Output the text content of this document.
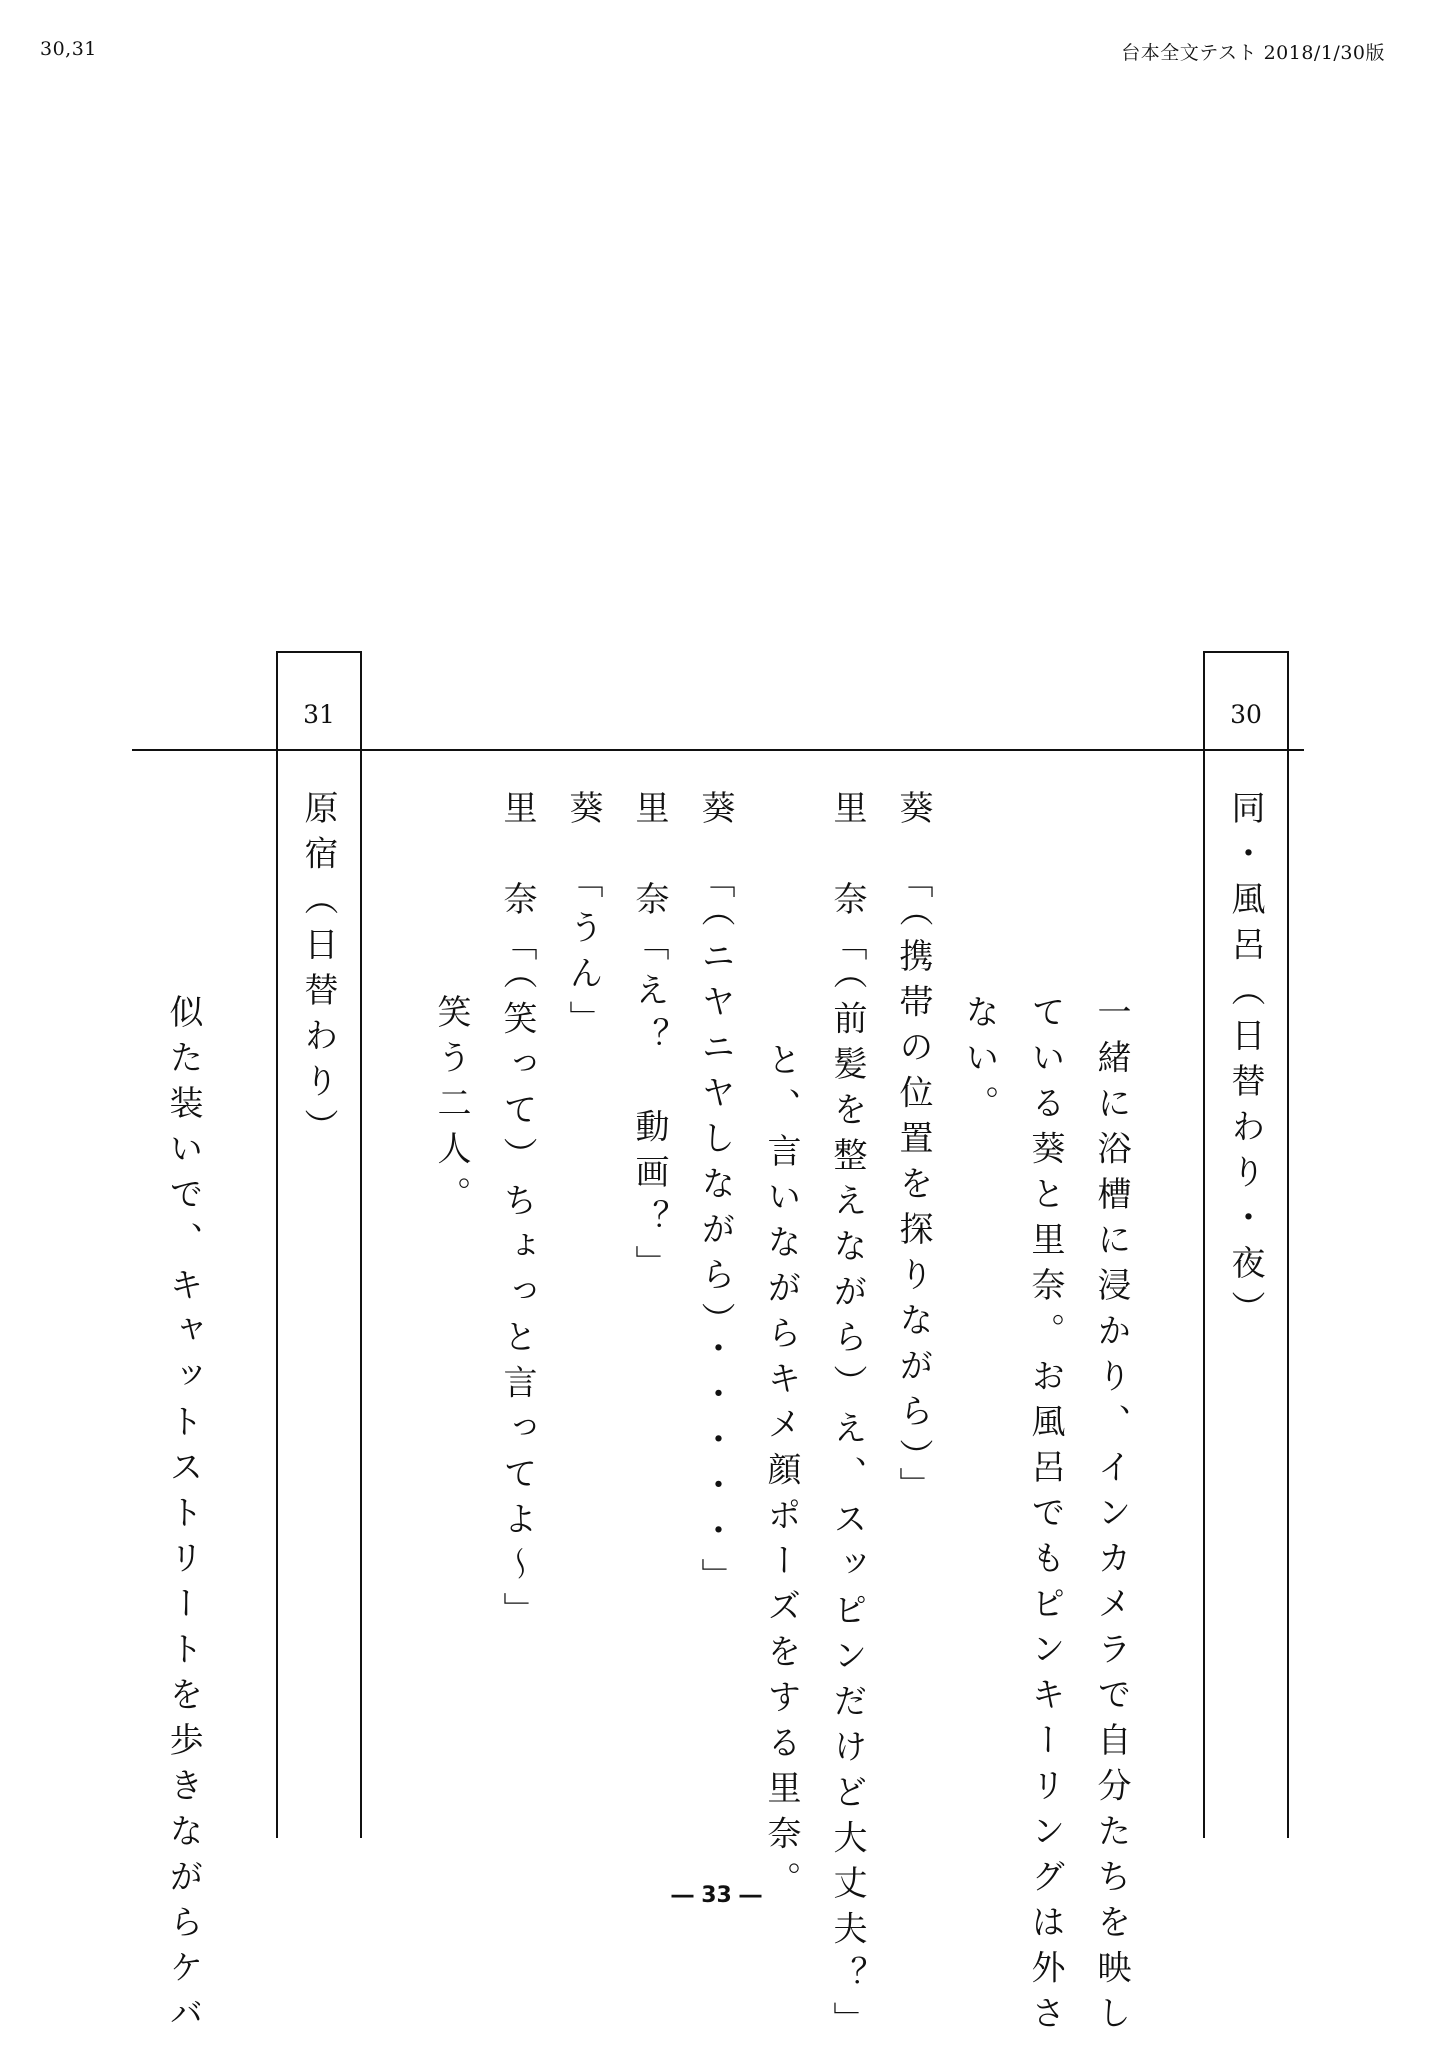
30,31	台本全文テスト 2018/1/30版
30
31
同・風呂（日替わり・夜）
一緒に浴槽に浸かり、インカメラで自分たちを映し
ている葵と里奈。お風呂でもピンキーリングは外さ
ない。
葵　「（携帯の位置を探りながら）」
里　奈「（前髪を整えながら）え、スッピンだけど大丈夫？」
と、言いながらキメ顔ポーズをする里奈。
葵　「（ニヤニヤしながら）・・・・・」
里　奈「え？　動画？」
葵　「うん」
里　奈「（笑って）ちょっと言ってよ〜」
笑う二人。
原宿（日替わり）
似た装いで、キャットストリートを歩きながらケバ	― 33 ―
